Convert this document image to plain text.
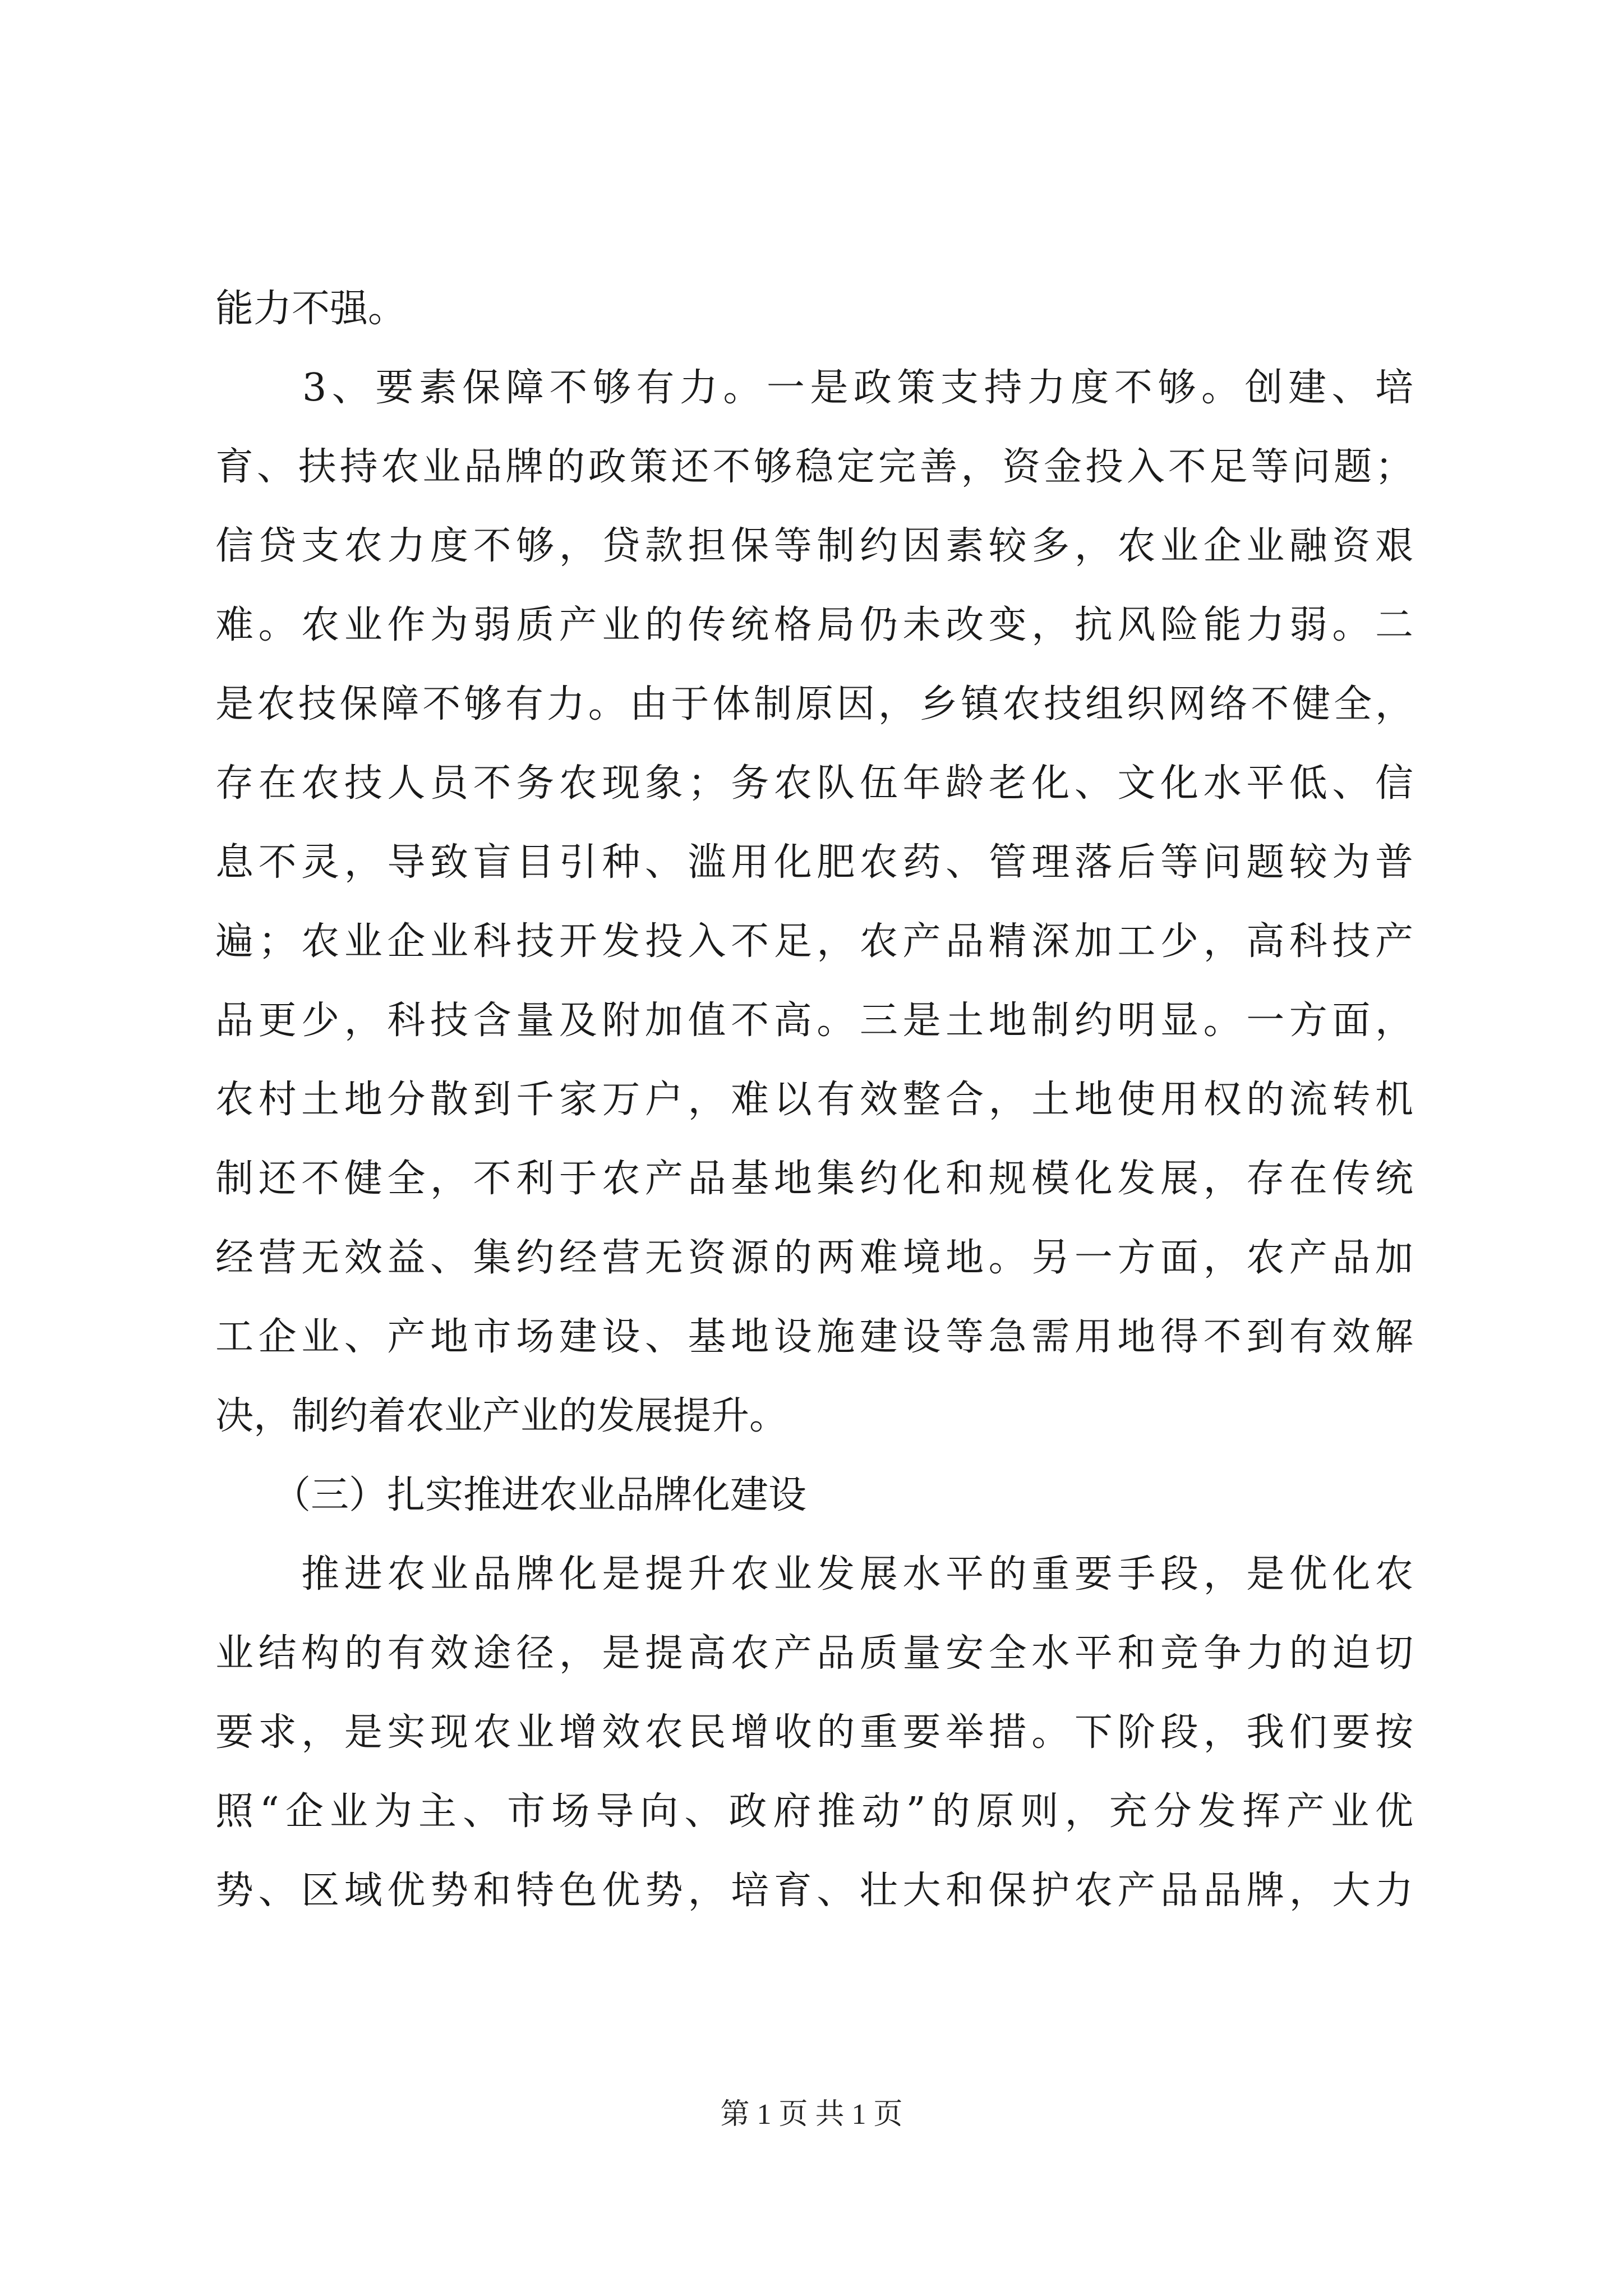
能力不强。
　　3、要素保障不够有力。一是政策支持力度不够。创建、培
育、扶持农业品牌的政策还不够稳定完善，资金投入不足等问题；
信贷支农力度不够，贷款担保等制约因素较多，农业企业融资艰
难。农业作为弱质产业的传统格局仍未改变，抗风险能力弱。二
是农技保障不够有力。由于体制原因，乡镇农技组织网络不健全，
存在农技人员不务农现象；务农队伍年龄老化、文化水平低、信
息不灵，导致盲目引种、滥用化肥农药、管理落后等问题较为普
遍；农业企业科技开发投入不足，农产品精深加工少，高科技产
品更少，科技含量及附加值不高。三是土地制约明显。一方面，
农村土地分散到千家万户，难以有效整合，土地使用权的流转机
制还不健全，不利于农产品基地集约化和规模化发展，存在传统
经营无效益、集约经营无资源的两难境地。另一方面，农产品加
工企业、产地市场建设、基地设施建设等急需用地得不到有效解
决，制约着农业产业的发展提升。
　　（三）扎实推进农业品牌化建设
　　推进农业品牌化是提升农业发展水平的重要手段，是优化农
业结构的有效途径，是提高农产品质量安全水平和竞争力的迫切
要求，是实现农业增效农民增收的重要举措。下阶段，我们要按
照“企业为主、市场导向、政府推动”的原则，充分发挥产业优
势、区域优势和特色优势，培育、壮大和保护农产品品牌，大力
第 1 页 共 1 页
